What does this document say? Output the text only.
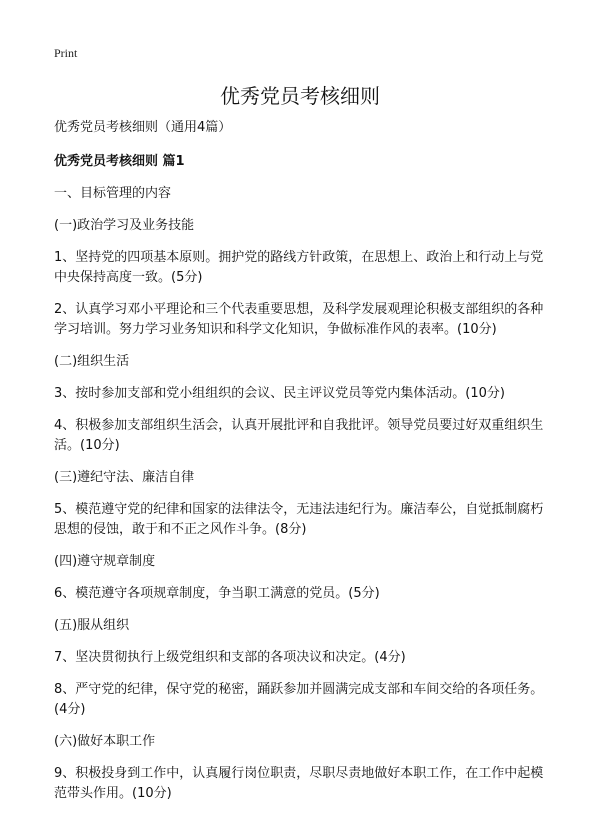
Print
优秀党员考核细则

优秀党员考核细则（通用4篇）

优秀党员考核细则 篇1

一、目标管理的内容

(一)政治学习及业务技能

1、坚持党的四项基本原则。拥护党的路线方针政策，在思想上、政治上和行动上与党中央保持高度一致。(5分)

2、认真学习邓小平理论和三个代表重要思想，及科学发展观理论积极支部组织的各种学习培训。努力学习业务知识和科学文化知识，争做标准作风的表率。(10分)

(二)组织生活

3、按时参加支部和党小组组织的会议、民主评议党员等党内集体活动。(10分)

4、积极参加支部组织生活会，认真开展批评和自我批评。领导党员要过好双重组织生活。(10分)

(三)遵纪守法、廉洁自律

5、模范遵守党的纪律和国家的法律法令，无违法违纪行为。廉洁奉公，自觉抵制腐朽思想的侵蚀，敢于和不正之风作斗争。(8分)

(四)遵守规章制度

6、模范遵守各项规章制度，争当职工满意的党员。(5分)

(五)服从组织

7、坚决贯彻执行上级党组织和支部的各项决议和决定。(4分)

8、严守党的纪律，保守党的秘密，踊跃参加并圆满完成支部和车间交给的各项任务。(4分)

(六)做好本职工作

9、积极投身到工作中，认真履行岗位职责，尽职尽责地做好本职工作，在工作中起模范带头作用。(10分)
